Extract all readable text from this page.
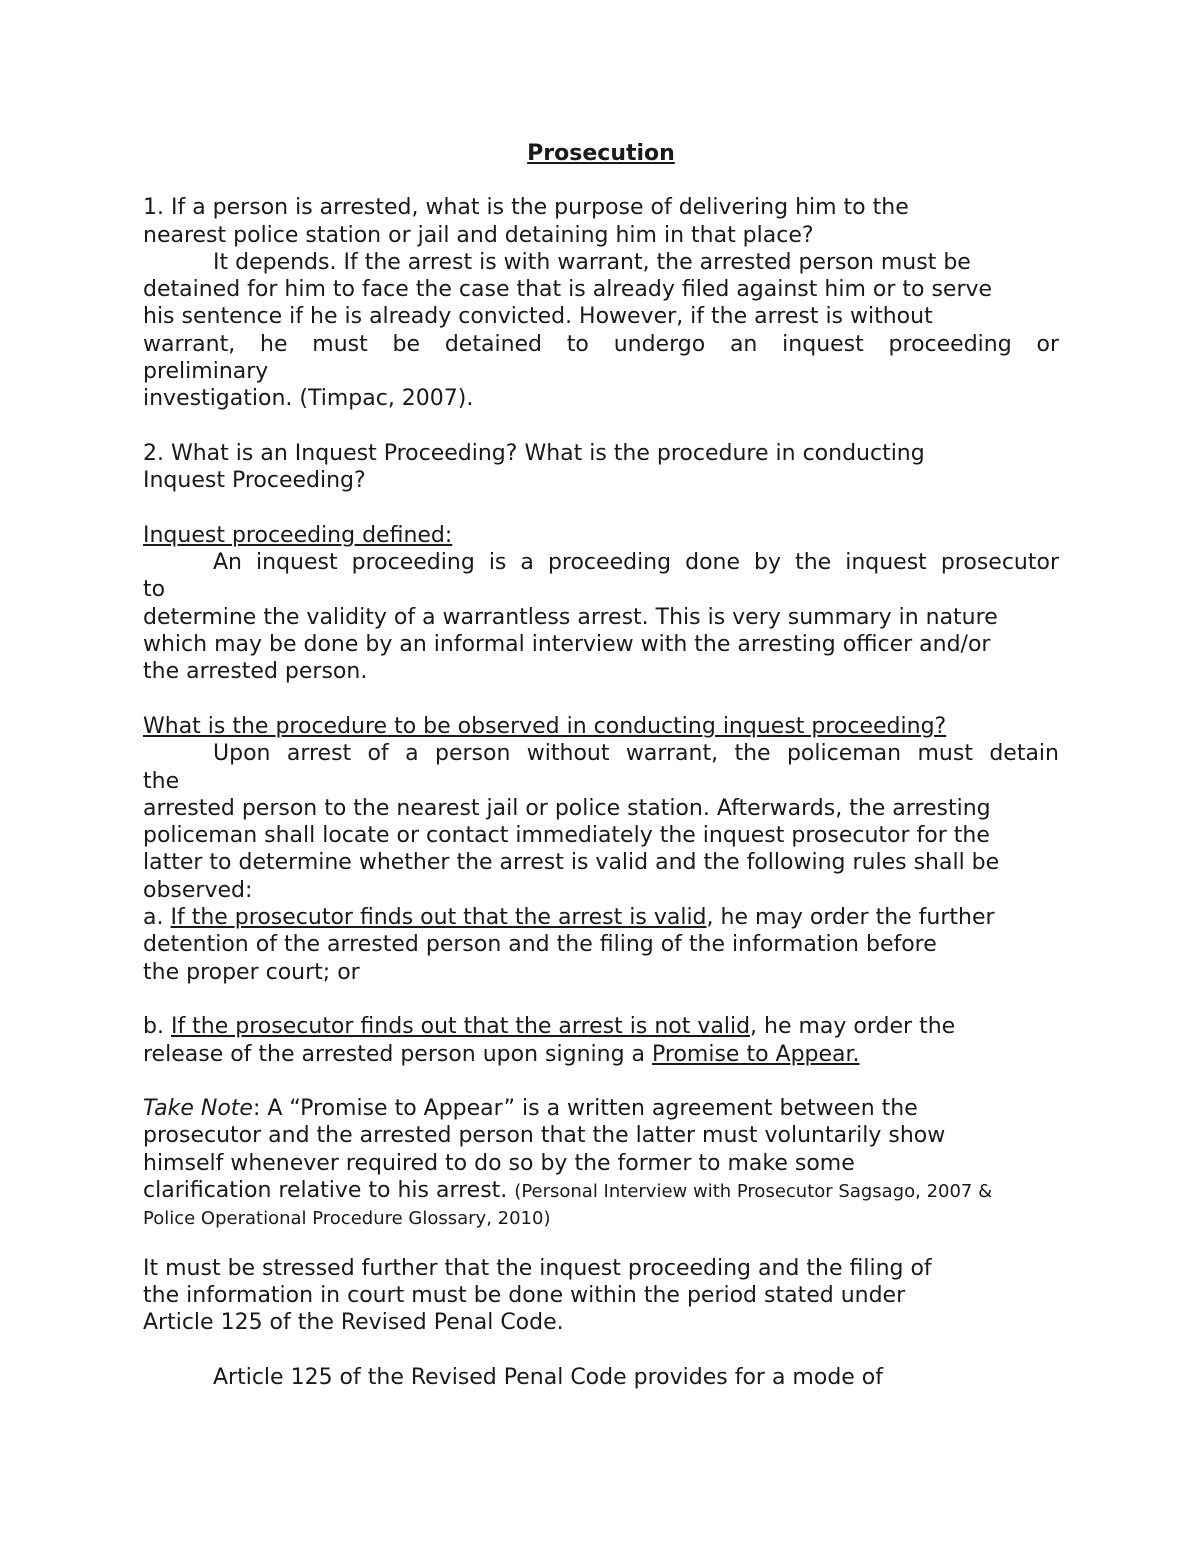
Prosecution
1. If a person is arrested, what is the purpose of delivering him to the
nearest police station or jail and detaining him in that place?
It depends. If the arrest is with warrant, the arrested person must be
detained for him to face the case that is already filed against him or to serve
his sentence if he is already convicted. However, if the arrest is without
warrant, he must be detained to undergo an inquest proceeding or
preliminary
investigation. (Timpac, 2007).
2. What is an Inquest Proceeding? What is the procedure in conducting
Inquest Proceeding?
Inquest proceeding defined:
An inquest proceeding is a proceeding done by the inquest prosecutor
to
determine the validity of a warrantless arrest. This is very summary in nature
which may be done by an informal interview with the arresting officer and/or
the arrested person.
What is the procedure to be observed in conducting inquest proceeding?
Upon arrest of a person without warrant, the policeman must detain
the
arrested person to the nearest jail or police station. Afterwards, the arresting
policeman shall locate or contact immediately the inquest prosecutor for the
latter to determine whether the arrest is valid and the following rules shall be
observed:
a. If the prosecutor finds out that the arrest is valid, he may order the further
detention of the arrested person and the filing of the information before
the proper court; or
b. If the prosecutor finds out that the arrest is not valid, he may order the
release of the arrested person upon signing a Promise to Appear.
Take Note: A “Promise to Appear” is a written agreement between the
prosecutor and the arrested person that the latter must voluntarily show
himself whenever required to do so by the former to make some
clarification relative to his arrest. (Personal Interview with Prosecutor Sagsago, 2007 &
Police Operational Procedure Glossary, 2010)
It must be stressed further that the inquest proceeding and the filing of
the information in court must be done within the period stated under
Article 125 of the Revised Penal Code.
Article 125 of the Revised Penal Code provides for a mode of
